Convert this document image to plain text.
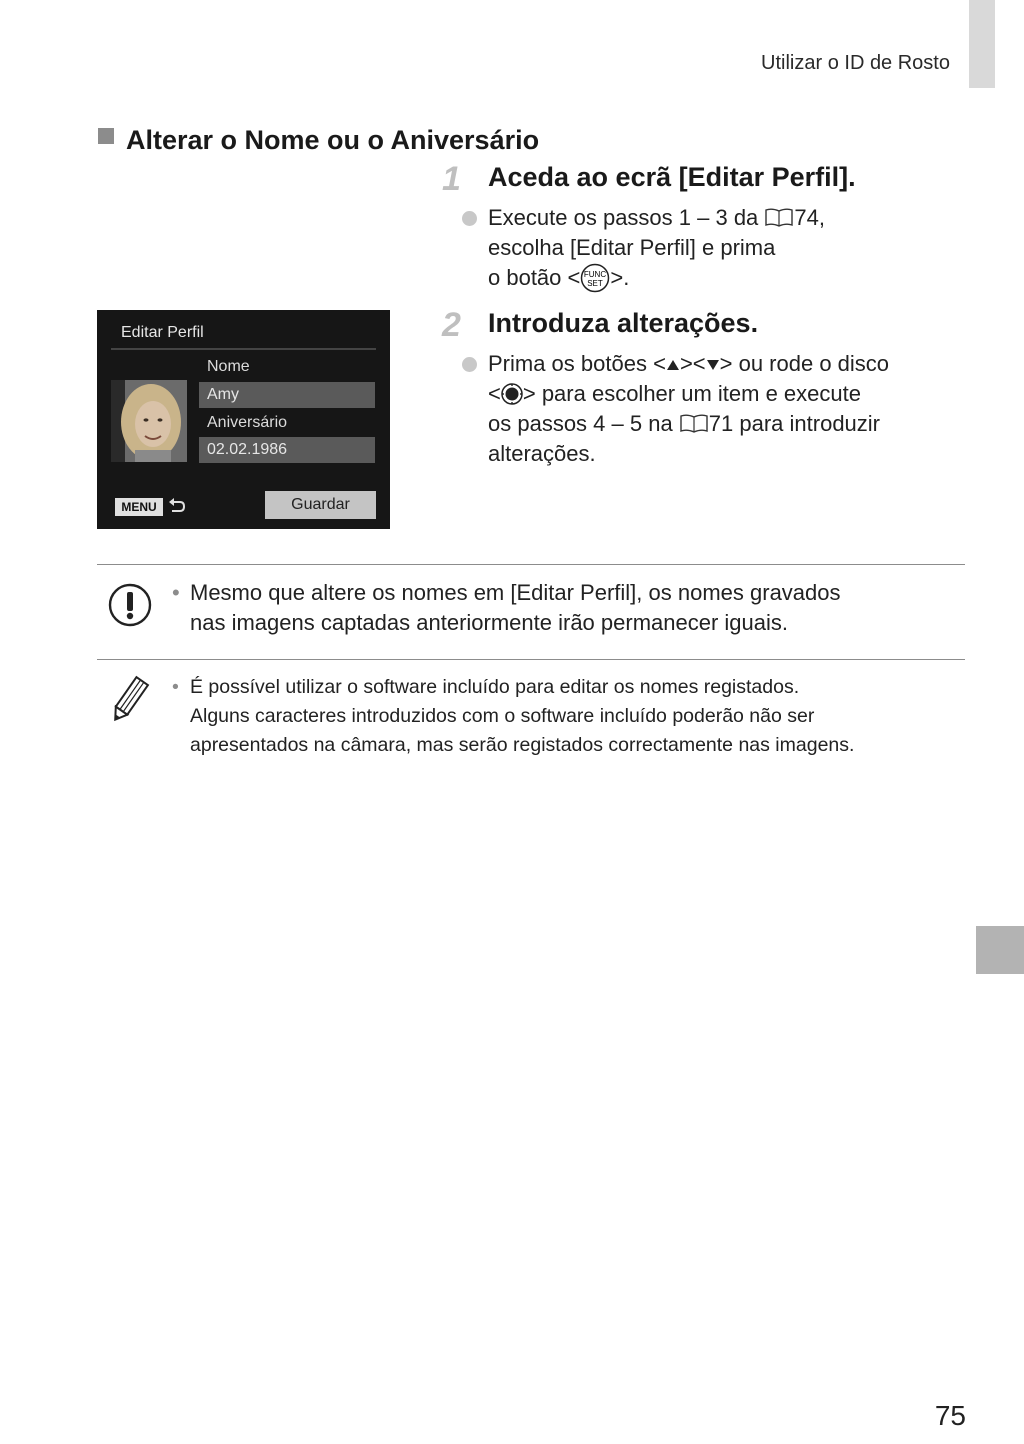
Utilizar o ID de Rosto
Alterar o Nome ou o Aniversário
1 Aceda ao ecrã [Editar Perfil].
Execute os passos 1 – 3 da 74,
escolha [Editar Perfil] e prima
o botão < FUNC
SET >.
2 Introduza alterações.
Prima os botões < >< > ou rode o disco
< > para escolher um item e execute
os passos 4 – 5 na 71 para introduzir
alterações.
Editar Perfil
Nome
Amy
Aniversário
02.02.1986
MENU	Guardar
• Mesmo que altere os nomes em [Editar Perfil], os nomes gravados
nas imagens captadas anteriormente irão permanecer iguais.
• É possível utilizar o software incluído para editar os nomes registados.
Alguns caracteres introduzidos com o software incluído poderão não ser
apresentados na câmara, mas serão registados correctamente nas imagens.
75
